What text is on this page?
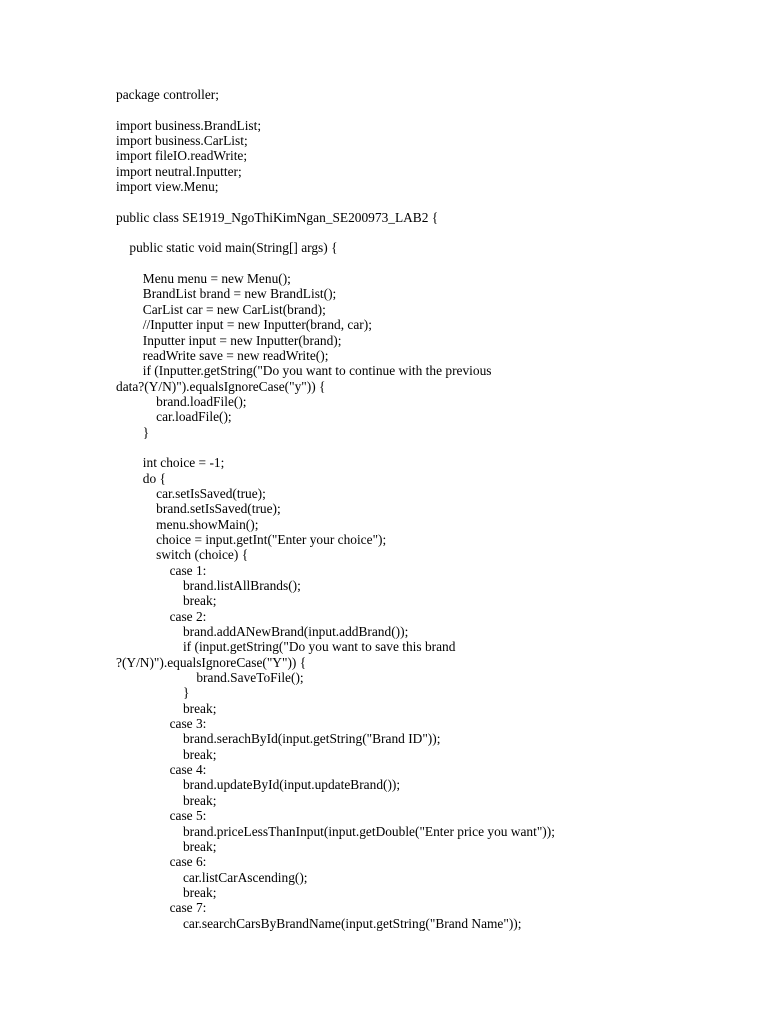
package controller;
import business.BrandList;
import business.CarList;
import fileIO.readWrite;
import neutral.Inputter;
import view.Menu;
public class SE1919_NgoThiKimNgan_SE200973_LAB2 {
public static void main(String[] args) {
Menu menu = new Menu();
BrandList brand = new BrandList();
CarList car = new CarList(brand);
//Inputter input = new Inputter(brand, car);
Inputter input = new Inputter(brand);
readWrite save = new readWrite();
if (Inputter.getString("Do you want to continue with the previous
data?(Y/N)").equalsIgnoreCase("y")) {
brand.loadFile();
car.loadFile();
}
int choice = -1;
do {
car.setIsSaved(true);
brand.setIsSaved(true);
menu.showMain();
choice = input.getInt("Enter your choice");
switch (choice) {
case 1:
brand.listAllBrands();
break;
case 2:
brand.addANewBrand(input.addBrand());
if (input.getString("Do you want to save this brand
?(Y/N)").equalsIgnoreCase("Y")) {
brand.SaveToFile();
}
break;
case 3:
brand.serachById(input.getString("Brand ID"));
break;
case 4:
brand.updateById(input.updateBrand());
break;
case 5:
brand.priceLessThanInput(input.getDouble("Enter price you want"));
break;
case 6:
car.listCarAscending();
break;
case 7:
car.searchCarsByBrandName(input.getString("Brand Name"));
